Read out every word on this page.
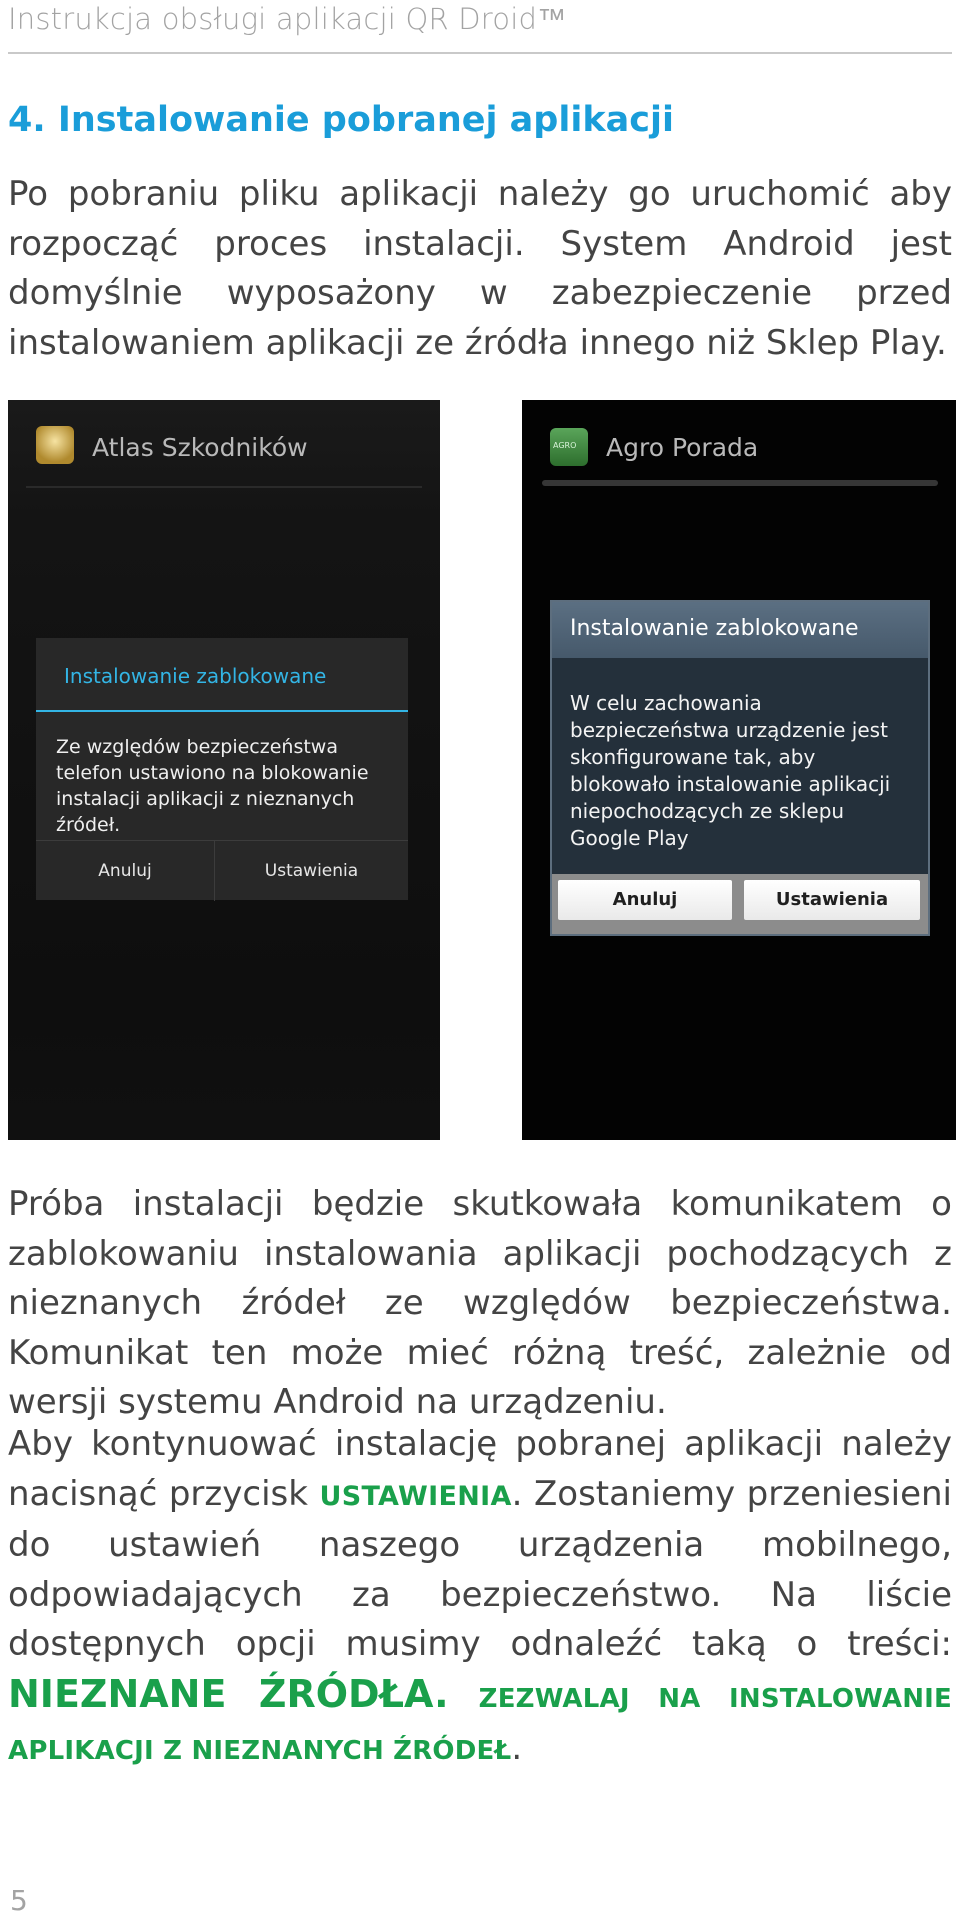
Instrukcja obsługi aplikacji QR Droid™
4. Instalowanie pobranej aplikacji
Po pobraniu pliku aplikacji należy go uruchomić aby rozpocząć proces instalacji. System Android jest domyślnie wyposażony w zabezpieczenie przed instalowaniem aplikacji ze źródła innego niż Sklep Play.
Atlas Szkodników
Instalowanie zablokowane
Ze względów bezpieczeństwa telefon ustawiono na blokowanie instalacji aplikacji z nieznanych źródeł.
Anuluj	Ustawienia
AGRO Agro Porada
Instalowanie zablokowane
W celu zachowania bezpieczeństwa urządzenie jest skonfigurowane tak, aby blokowało instalowanie aplikacji niepochodzących ze sklepu Google Play
Anuluj	Ustawienia
Próba instalacji będzie skutkowała komunikatem o zablokowaniu instalowania aplikacji pochodzących z nieznanych źródeł ze względów bezpieczeństwa. Komunikat ten może mieć różną treść, zależnie od wersji systemu Android na urządzeniu.
Aby kontynuować instalację pobranej aplikacji należy nacisnąć przycisk USTAWIENIA. Zostaniemy przeniesieni do ustawień naszego urządzenia mobilnego, odpowiadających za bezpieczeństwo. Na liście dostępnych opcji musimy odnaleźć taką o treści: NIEZNANE ŹRÓDŁA. ZEZWALAJ NA INSTALOWANIE APLIKACJI Z NIEZNANYCH ŹRÓDEŁ.
5
